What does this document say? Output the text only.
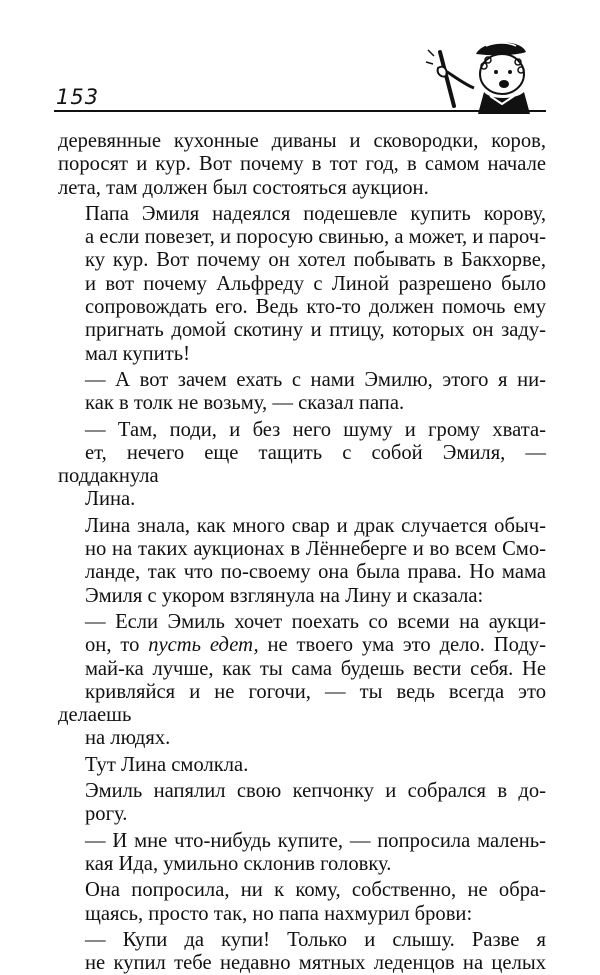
153
деревянные кухонные диваны и сковородки, коров,
поросят и кур. Вот почему в тот год, в самом начале
лета, там должен был состояться аукцион.
Папа Эмиля надеялся подешевле купить корову,
а если повезет, и поросую свинью, а может, и пароч-
ку кур. Вот почему он хотел побывать в Бакхорве,
и вот почему Альфреду с Линой разрешено было
сопровождать его. Ведь кто-то должен помочь ему
пригнать домой скотину и птицу, которых он заду-
мал купить!
— А вот зачем ехать с нами Эмилю, этого я ни-
как в толк не возьму, — сказал папа.
— Там, поди, и без него шуму и грому хвата-
ет, нечего еще тащить с собой Эмиля, — поддакнула
Лина.
Лина знала, как много свар и драк случается обыч-
но на таких аукционах в Лённеберге и во всем Смо-
ланде, так что по-своему она была права. Но мама
Эмиля с укором взглянула на Лину и сказала:
— Если Эмиль хочет поехать со всеми на аукци-
он, то пусть едет, не твоего ума это дело. Поду-
май-ка лучше, как ты сама будешь вести себя. Не
кривляйся и не гогочи, — ты ведь всегда это делаешь
на людях.
Тут Лина смолкла.
Эмиль напялил свою кепчонку и собрался в до-
рогу.
— И мне что-нибудь купите, — попросила малень-
кая Ида, умильно склонив головку.
Она попросила, ни к кому, собственно, не обра-
щаясь, просто так, но папа нахмурил брови:
— Купи да купи! Только и слышу. Разве я
не купил тебе недавно мятных леденцов на целых
